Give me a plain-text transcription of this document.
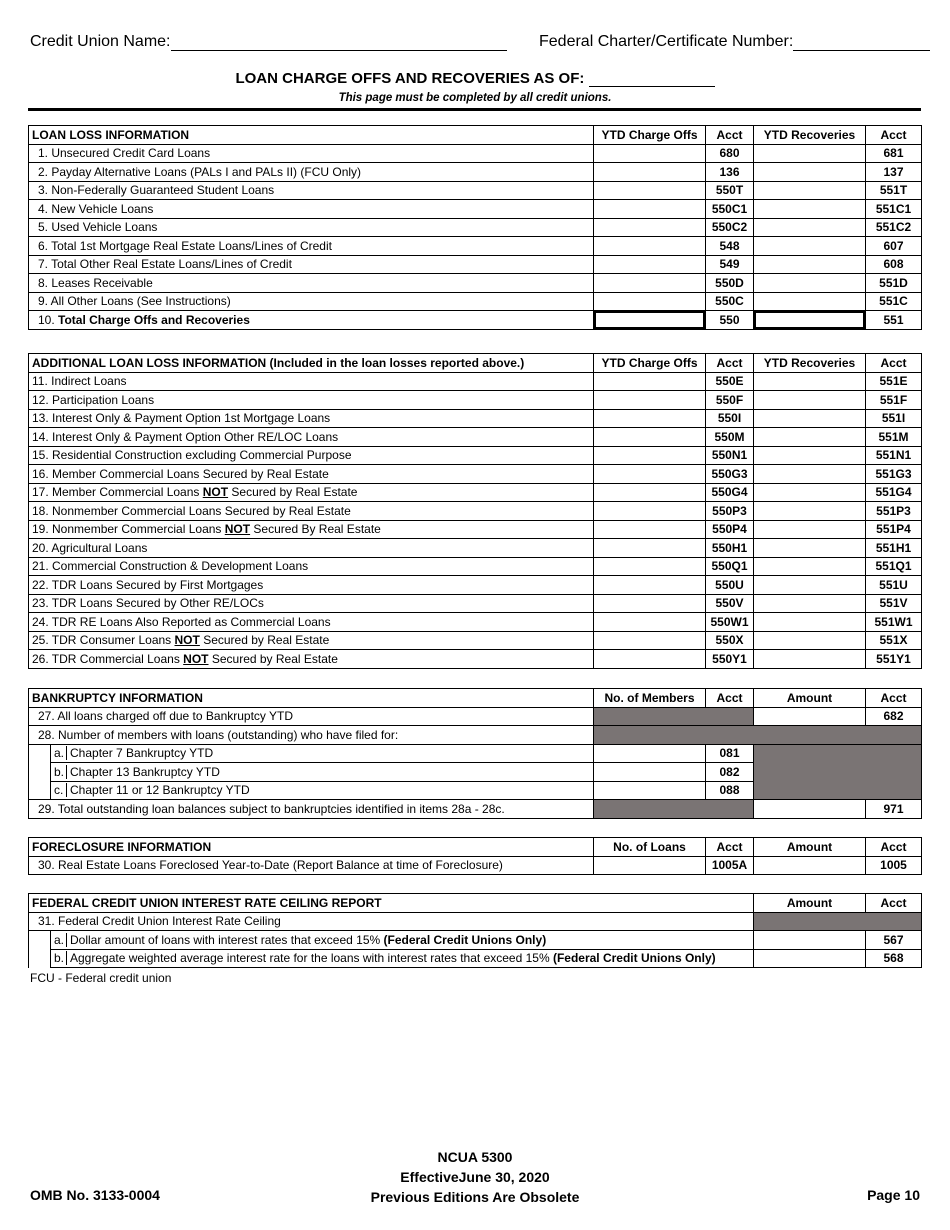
Credit Union Name:	Federal Charter/Certificate Number:
LOAN CHARGE OFFS AND RECOVERIES AS OF:
This page must be completed by all credit unions.
LOAN LOSS INFORMATION	YTD Charge Offs	Acct	YTD Recoveries	Acct
1. Unsecured Credit Card Loans		680		681
2. Payday Alternative Loans (PALs I and PALs II) (FCU Only)		136		137
3. Non-Federally Guaranteed Student Loans		550T		551T
4. New Vehicle Loans		550C1		551C1
5. Used Vehicle Loans		550C2		551C2
6. Total 1st Mortgage Real Estate Loans/Lines of Credit		548		607
7. Total Other Real Estate Loans/Lines of Credit		549		608
8. Leases Receivable		550D		551D
9. All Other Loans (See Instructions)		550C		551C
10. Total Charge Offs and Recoveries		550		551
ADDITIONAL LOAN LOSS INFORMATION (Included in the loan losses reported above.)	YTD Charge Offs	Acct	YTD Recoveries	Acct
11. Indirect Loans		550E		551E
12. Participation Loans		550F		551F
13. Interest Only & Payment Option 1st Mortgage Loans		550I		551I
14. Interest Only & Payment Option Other RE/LOC Loans		550M		551M
15. Residential Construction excluding Commercial Purpose		550N1		551N1
16. Member Commercial Loans Secured by Real Estate		550G3		551G3
17. Member Commercial Loans NOT Secured by Real Estate		550G4		551G4
18. Nonmember Commercial Loans Secured by Real Estate		550P3		551P3
19. Nonmember Commercial Loans NOT Secured By Real Estate		550P4		551P4
20. Agricultural Loans		550H1		551H1
21. Commercial Construction & Development Loans		550Q1		551Q1
22. TDR Loans Secured by First Mortgages		550U		551U
23. TDR Loans Secured by Other RE/LOCs		550V		551V
24. TDR RE Loans Also Reported as Commercial Loans		550W1		551W1
25. TDR Consumer Loans NOT Secured by Real Estate		550X		551X
26. TDR Commercial Loans NOT Secured by Real Estate		550Y1		551Y1
BANKRUPTCY INFORMATION		No. of Members	Acct	Amount	Acct
27. All loans charged off due to Bankruptcy YTD					682
28. Number of members with loans (outstanding) who have filed for:					
	a. Chapter 7 Bankruptcy YTD		081		
	b. Chapter 13 Bankruptcy YTD		082		
	c. Chapter 11 or 12 Bankruptcy YTD		088		
29. Total outstanding loan balances subject to bankruptcies identified in items 28a - 28c.					971
FORECLOSURE INFORMATION	No. of Loans	Acct	Amount	Acct
30. Real Estate Loans Foreclosed Year-to-Date (Report Balance at time of Foreclosure)		1005A		1005
FEDERAL CREDIT UNION INTEREST RATE CEILING REPORT		Amount	Acct
31. Federal Credit Union Interest Rate Ceiling			
	a. Dollar amount of loans with interest rates that exceed 15% (Federal Credit Unions Only)		567
	b. Aggregate weighted average interest rate for the loans with interest rates that exceed 15% (Federal Credit Unions Only)		568
FCU - Federal credit union
OMB No. 3133-0004
NCUA 5300
EffectiveJune 30, 2020
Previous Editions Are Obsolete	Page 10
